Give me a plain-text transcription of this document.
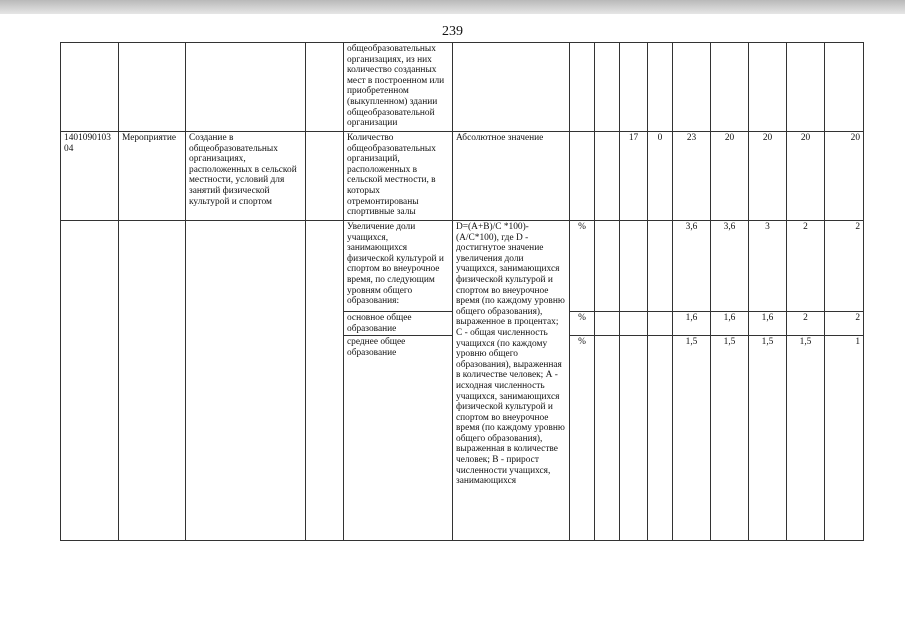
239
				общеобразовательных организациях, из них количество созданных мест в построенном или приобретенном (выкупленном) здании общеобразовательной организации										
1401090103 04	Мероприятие	Создание в общеобразовательных организациях, расположенных в сельской местности, условий для занятий физической культурой и спортом		Количество общеобразовательных организаций, расположенных в сельской местности, в которых отремонтированы спортивные залы	Абсолютное значение			17	0	23	20	20	20	20
				Увеличение доли учащихся, занимающихся физической культурой и спортом во внеурочное время, по следующим уровням общего образования:	D=(A+B)/C *100)-(A/C*100), где D - достигнутое значение увеличения доли учащихся, занимающихся физической культурой и спортом во внеурочное время (по каждому уровню общего образования), выраженное в процентах; С - общая численность учащихся (по каждому уровню общего образования), выраженная в количестве человек; А - исходная численность учащихся, занимающихся физической культурой и спортом во внеурочное время (по каждому уровню общего образования), выраженная в количестве человек; В - прирост численности учащихся, занимающихся	%				3,6	3,6	3	2	2
				основное общее образование		%				1,6	1,6	1,6	2	2
				среднее общее образование		%				1,5	1,5	1,5	1,5	1
